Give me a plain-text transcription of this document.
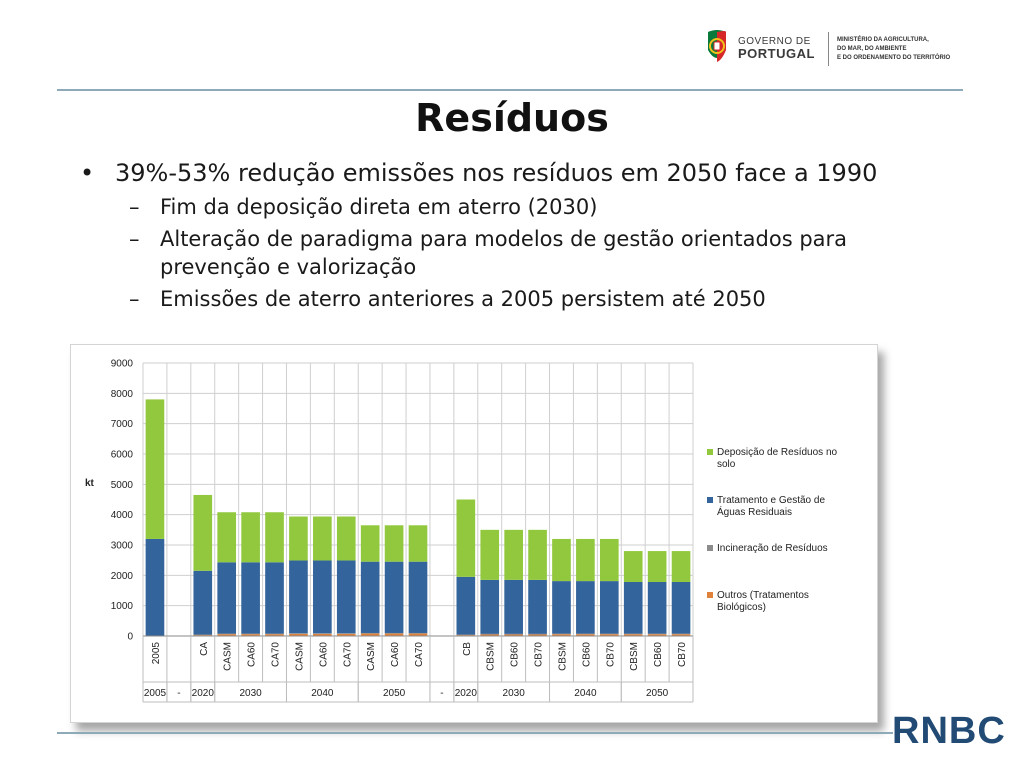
GOVERNO DE
PORTUGAL
MINISTÉRIO DA AGRICULTURA,
DO MAR, DO AMBIENTE
E DO ORDENAMENTO DO TERRITÓRIO
Resíduos
• 39%-53% redução emissões nos resíduos em 2050 face a 1990
– Fim da deposição direta em aterro (2030)
– Alteração de paradigma para modelos de gestão orientados para prevenção e valorização
– Emissões de aterro anteriores a 2005 persistem até 2050
0
1000
2000
3000
4000
5000
6000
7000
8000
9000
kt
2005	CA CASM CA60 CA70 CASM CA60 CA70 CASM CA60 CA70	CB CBSM CB60 CB70 CBSM CB60 CB70 CBSM CB60 CB70
2005 - 2020	2030	2040	2050	- 2020	2030	2040	2050
Deposição de Resíduos no
solo
Tratamento e Gestão de
Águas Residuais
Incineração de Resíduos
Outros (Tratamentos
Biológicos)
RNBC
